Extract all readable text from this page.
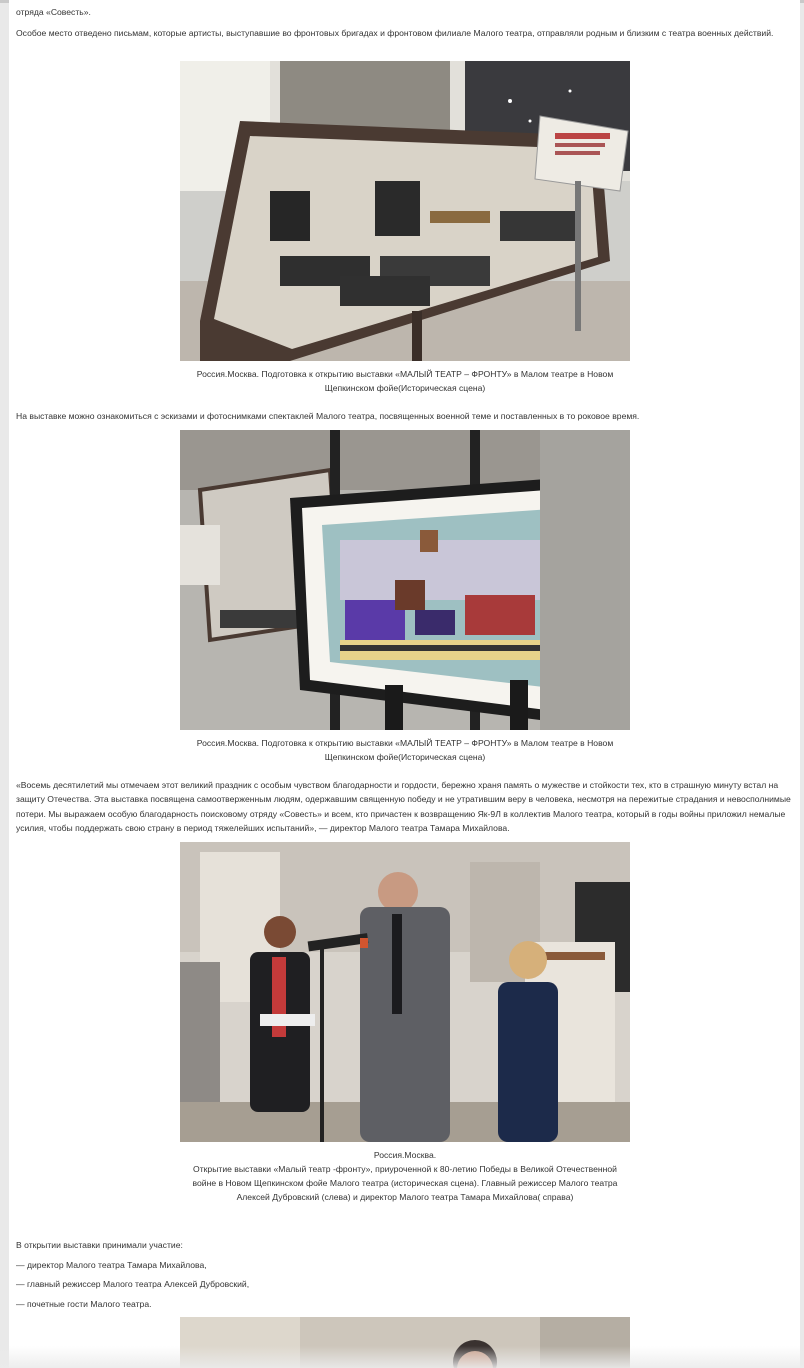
отряда «Совесть».

Особое место отведено письмам, которые артисты, выступавшие во фронтовых бригадах и фронтовом филиале Малого театра, отправляли родным и близким с театра военных действий.

Россия.Москва. Подготовка к открытию выставки «МАЛЫЙ ТЕАТР – ФРОНТУ» в Малом театре в Новом
Щепкинском фойе(Историческая сцена)

На выставке можно ознакомиться с эскизами и фотоснимками спектаклей Малого театра, посвященных военной теме и поставленных в то роковое время.

Россия.Москва. Подготовка к открытию выставки «МАЛЫЙ ТЕАТР – ФРОНТУ» в Малом театре в Новом
Щепкинском фойе(Историческая сцена)

«Восемь десятилетий мы отмечаем этот великий праздник с особым чувством благодарности и гордости, бережно храня память о мужестве и стойкости тех, кто в страшную минуту встал на защиту Отечества. Эта выставка посвящена самоотверженным людям, одержавшим священную победу и не утратившим веру в человека, несмотря на пережитые страдания и невосполнимые потери. Мы выражаем особую благодарность поисковому отряду «Совесть» и всем, кто причастен к возвращению Як-9Л в коллектив Малого театра, который в годы войны приложил немалые усилия, чтобы поддержать свою страну в период тяжелейших испытаний», — директор Малого театра Тамара Михайлова.

Россия.Москва.
Открытие выставки «Малый театр -фронту», приуроченной к 80-летию Победы в Великой Отечественной
войне в Новом Щепкинском фойе Малого театра (историческая сцена). Главный режиссер Малого театра
Алексей Дубровский (слева) и директор Малого театра Тамара Михайлова( справа)

В открытии выставки принимали участие:

— директор Малого театра Тамара Михайлова,

— главный режиссер Малого театра Алексей Дубровский,

— почетные гости Малого театра.
